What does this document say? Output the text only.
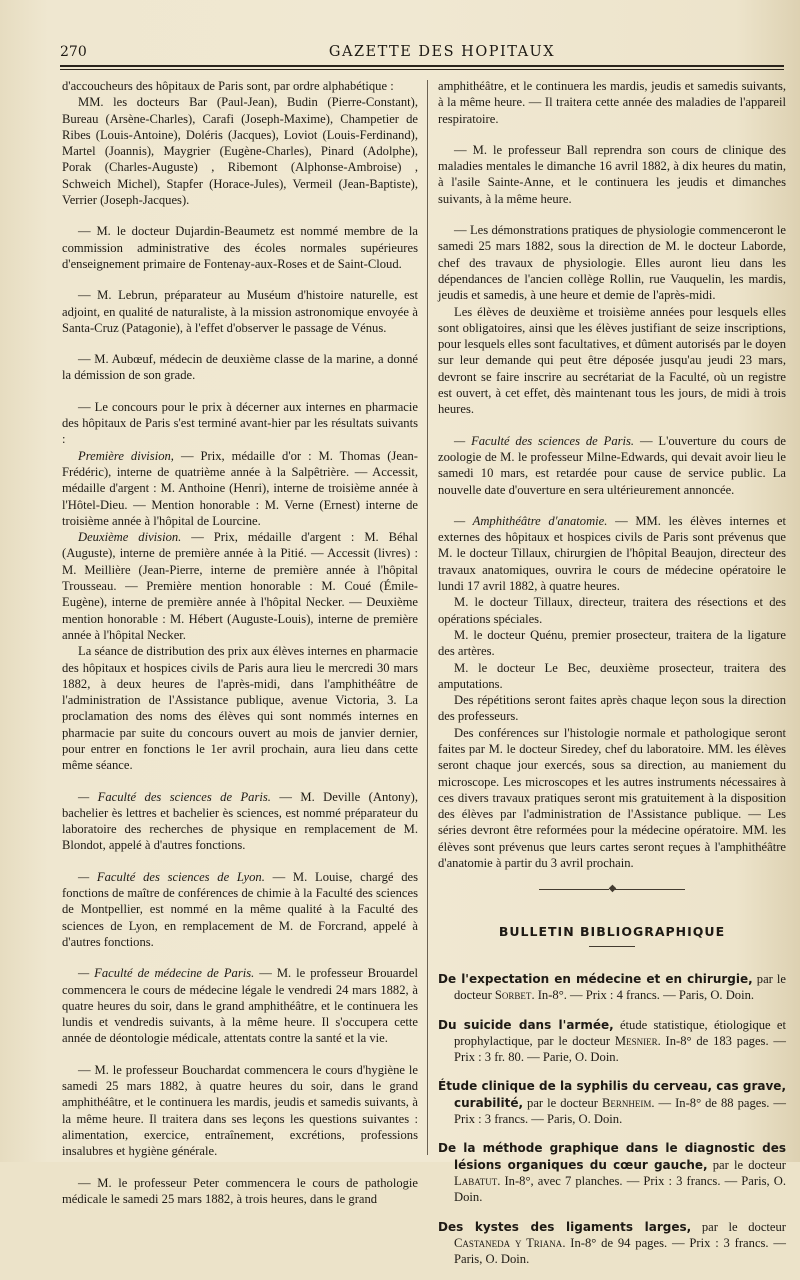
270	GAZETTE DES HOPITAUX

d'accoucheurs des hôpitaux de Paris sont, par ordre alphabétique :

MM. les docteurs Bar (Paul-Jean), Budin (Pierre-Constant), Bureau (Arsène-Charles), Carafi (Joseph-Maxime), Champetier de Ribes (Louis-Antoine), Doléris (Jacques), Loviot (Louis-Ferdinand), Martel (Joannis), Maygrier (Eugène-Charles), Pinard (Adolphe), Porak (Charles-Auguste) , Ribemont (Alphonse-Ambroise) , Schweich Michel), Stapfer (Horace-Jules), Vermeil (Jean-Baptiste), Verrier (Joseph-Jacques).

— M. le docteur Dujardin-Beaumetz est nommé membre de la commission administrative des écoles normales supérieures d'enseignement primaire de Fontenay-aux-Roses et de Saint-Cloud.

— M. Lebrun, préparateur au Muséum d'histoire naturelle, est adjoint, en qualité de naturaliste, à la mission astronomique envoyée à Santa-Cruz (Patagonie), à l'effet d'observer le passage de Vénus.

— M. Aubœuf, médecin de deuxième classe de la marine, a donné la démission de son grade.

— Le concours pour le prix à décerner aux internes en pharmacie des hôpitaux de Paris s'est terminé avant-hier par les résultats suivants :

Première division, — Prix, médaille d'or : M. Thomas (Jean-Frédéric), interne de quatrième année à la Salpêtrière. — Accessit, médaille d'argent : M. Anthoine (Henri), interne de troisième année à l'Hôtel-Dieu. — Mention honorable : M. Verne (Ernest) interne de troisième année à l'hôpital de Lourcine.

Deuxième division. — Prix, médaille d'argent : M. Béhal (Auguste), interne de première année à la Pitié. — Accessit (livres) : M. Meillière (Jean-Pierre, interne de première année à l'hôpital Trousseau. — Première mention honorable : M. Coué (Émile-Eugène), interne de première année à l'hôpital Necker. — Deuxième mention honorable : M. Hébert (Auguste-Louis), interne de première année à l'hôpital Necker.

La séance de distribution des prix aux élèves internes en pharmacie des hôpitaux et hospices civils de Paris aura lieu le mercredi 30 mars 1882, à deux heures de l'après-midi, dans l'amphithéâtre de l'administration de l'Assistance publique, avenue Victoria, 3. La proclamation des noms des élèves qui sont nommés internes en pharmacie par suite du concours ouvert au mois de janvier dernier, pour entrer en fonctions le 1er avril prochain, aura lieu dans cette même séance.

— Faculté des sciences de Paris. — M. Deville (Antony), bachelier ès lettres et bachelier ès sciences, est nommé préparateur du laboratoire des recherches de physique en remplacement de M. Blondot, appelé à d'autres fonctions.

— Faculté des sciences de Lyon. — M. Louise, chargé des fonctions de maître de conférences de chimie à la Faculté des sciences de Montpellier, est nommé en la même qualité à la Faculté des sciences de Lyon, en remplacement de M. de Forcrand, appelé à d'autres fonctions.

— Faculté de médecine de Paris. — M. le professeur Brouardel commencera le cours de médecine légale le vendredi 24 mars 1882, à quatre heures du soir, dans le grand amphithéâtre, et le continuera les lundis et vendredis suivants, à la même heure. Il s'occupera cette année de déontologie médicale, attentats contre la santé et la vie.

— M. le professeur Bouchardat commencera le cours d'hygiène le samedi 25 mars 1882, à quatre heures du soir, dans le grand amphithéâtre, et le continuera les mardis, jeudis et samedis suivants, à la même heure. Il traitera dans ses leçons les questions suivantes : alimentation, exercice, entraînement, excrétions, professions insalubres et hygiène générale.

— M. le professeur Peter commencera le cours de pathologie médicale le samedi 25 mars 1882, à trois heures, dans le grand

amphithéâtre, et le continuera les mardis, jeudis et samedis suivants, à la même heure. — Il traitera cette année des maladies de l'appareil respiratoire.

— M. le professeur Ball reprendra son cours de clinique des maladies mentales le dimanche 16 avril 1882, à dix heures du matin, à l'asile Sainte-Anne, et le continuera les jeudis et dimanches suivants, à la même heure.

— Les démonstrations pratiques de physiologie commenceront le samedi 25 mars 1882, sous la direction de M. le docteur Laborde, chef des travaux de physiologie. Elles auront lieu dans les dépendances de l'ancien collège Rollin, rue Vauquelin, les mardis, jeudis et samedis, à une heure et demie de l'après-midi.

Les élèves de deuxième et troisième années pour lesquels elles sont obligatoires, ainsi que les élèves justifiant de seize inscriptions, pour lesquels elles sont facultatives, et dûment autorisés par le doyen sur leur demande qui peut être déposée jusqu'au jeudi 23 mars, devront se faire inscrire au secrétariat de la Faculté, où un registre est ouvert, à cet effet, dès maintenant tous les jours, de midi à trois heures.

— Faculté des sciences de Paris. — L'ouverture du cours de zoologie de M. le professeur Milne-Edwards, qui devait avoir lieu le samedi 10 mars, est retardée pour cause de service public. La nouvelle date d'ouverture en sera ultérieurement annoncée.

— Amphithéâtre d'anatomie. — MM. les élèves internes et externes des hôpitaux et hospices civils de Paris sont prévenus que M. le docteur Tillaux, chirurgien de l'hôpital Beaujon, directeur des travaux anatomiques, ouvrira le cours de médecine opératoire le lundi 17 avril 1882, à quatre heures.

M. le docteur Tillaux, directeur, traitera des résections et des opérations spéciales.

M. le docteur Quénu, premier prosecteur, traitera de la ligature des artères.

M. le docteur Le Bec, deuxième prosecteur, traitera des amputations.

Des répétitions seront faites après chaque leçon sous la direction des professeurs.

Des conférences sur l'histologie normale et pathologique seront faites par M. le docteur Siredey, chef du laboratoire. MM. les élèves seront chaque jour exercés, sous sa direction, au maniement du microscope. Les microscopes et les autres instruments nécessaires à ces divers travaux pratiques seront mis gratuitement à la disposition des élèves par l'administration de l'Assistance publique. — Les séries devront être reformées pour la médecine opératoire. MM. les élèves sont prévenus que leurs cartes seront reçues à l'amphithéâtre d'anatomie à partir du 3 avril prochain.

◆
BULLETIN BIBLIOGRAPHIQUE

De l'expectation en médecine et en chirurgie, par le docteur Sorbet. In-8°. — Prix : 4 francs. — Paris, O. Doin.

Du suicide dans l'armée, étude statistique, étiologique et prophylactique, par le docteur Mesnier. In-8° de 183 pages. — Prix : 3 fr. 80. — Parie, O. Doin.

Étude clinique de la syphilis du cerveau, cas grave, curabilité, par le docteur Bernheim. — In-8° de 88 pages. — Prix : 3 francs. — Paris, O. Doin.

De la méthode graphique dans le diagnostic des lésions organiques du cœur gauche, par le docteur Labatut. In-8°, avec 7 planches. — Prix : 3 francs. — Paris, O. Doin.

Des kystes des ligaments larges, par le docteur Castaneda y Triana. In-8° de 94 pages. — Prix : 3 francs. — Paris, O. Doin.
